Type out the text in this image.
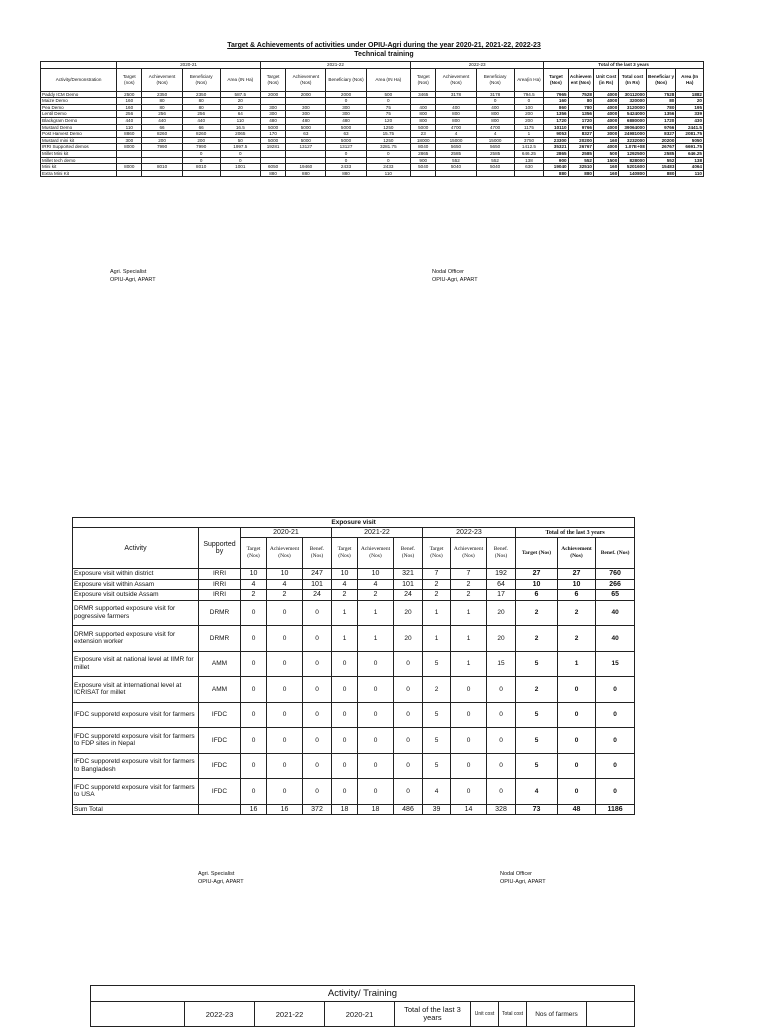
Target & Achievements of activities under OPIU-Agri during the year 2020-21, 2021-22, 2022-23
Technical training
	2020-21				2021-22				2022-23				Total of the last 3 years					
Activity/Demonstration	Target (nos)	Achievement (Nos)	Beneficiary (Nos)	Area (IN Ha)	Target (Nos)	Achievement (Nos)	Beneficiary (Nos)	Area (IN Ha)	Target (Nos)	Achievement (Nos)	Beneficiary (Nos)	Area(in Ha)	Target (Nos)	Achievem ent (Nos)	Unit Cost (in Rs)	Total cost (In Rs)	Beneficiar y (Nos)	Area (In Ha)
Paddy ICM Demo	2500	2350	2350	587.5	2000	2000	2000	500	3465	3178	3178	794.5	7965	7528	4000	30112000	7528	1882
Maize Demo	160	80	80	20			0	0			0	0	160	80	4000	320000	80	20
Pea Demo	160	80	80	20	300	300	300	75	400	400	400	100	860	780	4000	3120000	780	195
Lentil Demo	256	256	256	64	300	300	300	75	800	800	800	200	1356	1356	4000	5424000	1356	339
Blackgram Demo	440	440	440	110	480	480	480	120	800	800	800	200	1720	1720	4000	6880000	1720	430
Mustard Demo	110	66	66	16.5	5000	5000	5000	1250	5000	4700	4700	1175	10110	9766	4000	39064000	9766	2441.5
Post Harvest Demo	8860	8260	8260	2065	170	63	63	15.75	23	4	4	1	9053	8327	3000	24981000	8327	2081.75
Mustard mini kit	300	200	200	50	5000	5000	5000	1250	18000	15000	15000	3750	23300	20200	160	3232000	20200	5050
IRRI Supported demos	8000	7990	7990	1997.5	19281	13127	13127	3281.75	8040	5650	5650	1412.5	35321	26767	4000	1.07E+08	26767	6691.75
Millet Mini kit			0	0			0	0	2865	2585	2585	646.25	2865	2585	500	1292500	2585	646.25
Millet tech demo			0	0			0	0	900	552	552	138	900	552	1500	828000	552	138
Mini kit	8000	8010	8010	1001	6050	19460	2433	2433	5040	5040	5040	630	19040	32510	160	5201600	15483	4064
Extra Mini Kit					880	880	880	110					880	880	160	140800	880	110
Agri. Specialist
OPIU-Agri, APART
Nodal Officer
OPIU-Agri, APART
Exposure visit													
Activity	Supported by	2020-21			2021-22			2022-23			Total of the last 3 years		
		Target (Nos)	Achievement (Nos)	Benef. (Nos)	Target (Nos)	Achievement (Nos)	Benef. (Nos)	Target (Nos)	Achievement (Nos)	Benef. (Nos)	Target (Nos)	Achievement (Nos)	Benef. (Nos)
Exposure visit within district	IRRI	10	10	247	10	10	321	7	7	192	27	27	760
Exposure visit within Assam	IRRI	4	4	101	4	4	101	2	2	64	10	10	266
Exposure visit outside Assam	IRRI	2	2	24	2	2	24	2	2	17	6	6	65
DRMR supported exposure visit for pogressive farmers	DRMR	0	0	0	1	1	20	1	1	20	2	2	40
DRMR supported exposure visit for extension worker	DRMR	0	0	0	1	1	20	1	1	20	2	2	40
Exposure visit at national level at IIMR for millet	AMM	0	0	0	0	0	0	5	1	15	5	1	15
Exposure visit at international level at ICRISAT for millet	AMM	0	0	0	0	0	0	2	0	0	2	0	0
IFDC supporetd exposure visit for farmers	IFDC	0	0	0	0	0	0	5	0	0	5	0	0
IFDC supporetd exposure visit for farmers to FDP sites in Nepal	IFDC	0	0	0	0	0	0	5	0	0	5	0	0
IFDC supporetd exposure visit for farmers to Bangladesh	IFDC	0	0	0	0	0	0	5	0	0	5	0	0
IFDC supporetd exposure visit for farmers to USA	IFDC	0	0	0	0	0	0	4	0	0	4	0	0
Sum Total		16	16	372	18	18	486	39	14	328	73	48	1186
Agri. Specialist
OPIU-Agri, APART
Nodal Officer
OPIU-Agri, APART
Activity/ Training
	2022-23	2021-22	2020-21	Total of the last 3 years	Unit cost	Total cost	Nos of farmers	
